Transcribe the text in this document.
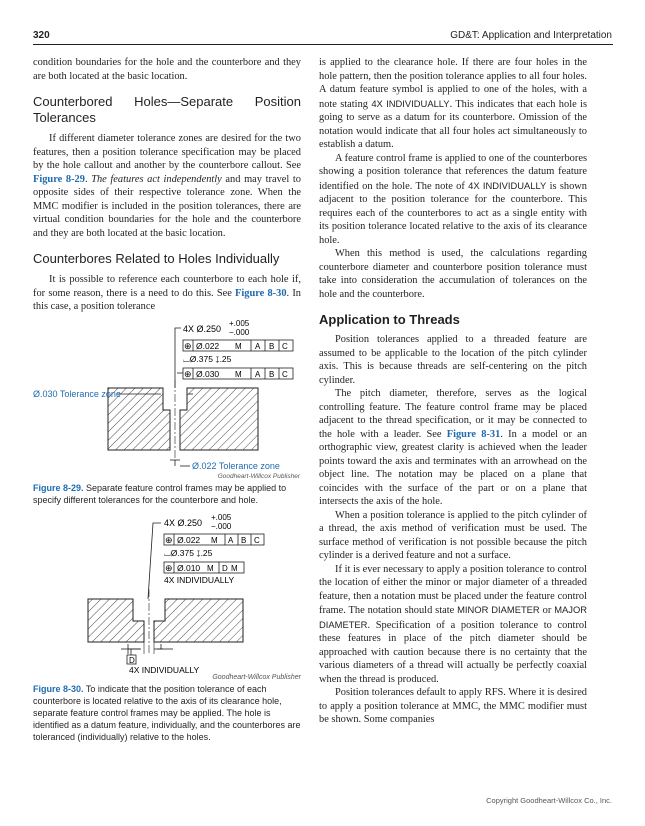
320	GD&T: Application and Interpretation

condition boundaries for the hole and the counterbore and they are both located at the basic location.

Counterbored Holes—Separate Position Tolerances

If different diameter tolerance zones are desired for the two features, then a position tolerance specification may be placed by the hole callout and another by the counterbore callout. See Figure 8-29. The features act independently and may travel to opposite sides of their respective tolerance zone. When the MMC modifier is included in the position tolerances, there are virtual condition boundaries for the hole and the counterbore and they are both located at the basic location.

Counterbores Related to Holes Individually

It is possible to reference each counterbore to each hole if, for some reason, there is a need to do this. See Figure 8-30. In this case, a position tolerance

4X Ø.250
+.005
−.000
⊕ Ø.022 M A B C
⌴Ø.375 ↧.25
⊕ Ø.030 M A B C
Ø.030 Tolerance zone
Ø.022 Tolerance zone
Goodheart-Willcox Publisher
Figure 8-29. Separate feature control frames may be applied to specify different tolerances for the counterbore and hole.
4X Ø.250
+.005
−.000
⊕ Ø.022 M A B C
⌴Ø.375 ↧.25
⊕ Ø.010 M D M
4X INDIVIDUALLY
D
4X INDIVIDUALLY
Goodheart-Willcox Publisher
Figure 8-30. To indicate that the position tolerance of each counterbore is located relative to the axis of its clearance hole, separate feature control frames may be applied. The hole is identified as a datum feature, individually, and the counterbores are toleranced (individually) relative to the holes.

is applied to the clearance hole. If there are four holes in the hole pattern, then the position tolerance applies to all four holes. A datum feature symbol is applied to one of the holes, with a note stating 4X INDIVIDUALLY. This indicates that each hole is going to serve as a datum for its counterbore. Omission of the notation would indicate that all four holes act simultaneously to establish a datum.

A feature control frame is applied to one of the counterbores showing a position tolerance that references the datum feature identified on the hole. The note of 4X INDIVIDUALLY is shown adjacent to the position tolerance for the counterbore. This requires each of the counterbores to act as a single entity with its position tolerance located relative to the axis of its clearance hole.

When this method is used, the calculations regarding counterbore diameter and counterbore position tolerance must take into consideration the accumulation of tolerances on the hole and the counterbore.

Application to Threads

Position tolerances applied to a threaded feature are assumed to be applicable to the location of the pitch cylinder axis. This is because threads are self-centering on the pitch cylinder.

The pitch diameter, therefore, serves as the logical controlling feature. The feature control frame may be placed adjacent to the thread specification, or it may be connected to the hole with a leader. See Figure 8-31. In a model or an orthographic view, greatest clarity is achieved when the leader points toward the axis and terminates with an arrowhead on the object line. The notation may be placed on a plane that coincides with the surface of the part or on a plane that intersects the axis of the hole.

When a position tolerance is applied to the pitch cylinder of a thread, the axis method of verification must be used. The surface method of verification is not possible because the pitch cylinder is a derived feature and not a surface.

If it is ever necessary to apply a position tolerance to control the location of either the minor or major diameter of a threaded feature, then a notation must be placed under the feature control frame. The notation should state MINOR DIAMETER or MAJOR DIAMETER. Specification of a position tolerance to control these features in place of the pitch diameter should be approached with caution because there is no certainty that the various diameters of a thread will actually be perfectly coaxial when the thread is produced.

Position tolerances default to apply RFS. Where it is desired to apply a position tolerance at MMC, the MMC modifier must be shown. Some companies

Copyright Goodheart-Willcox Co., Inc.
